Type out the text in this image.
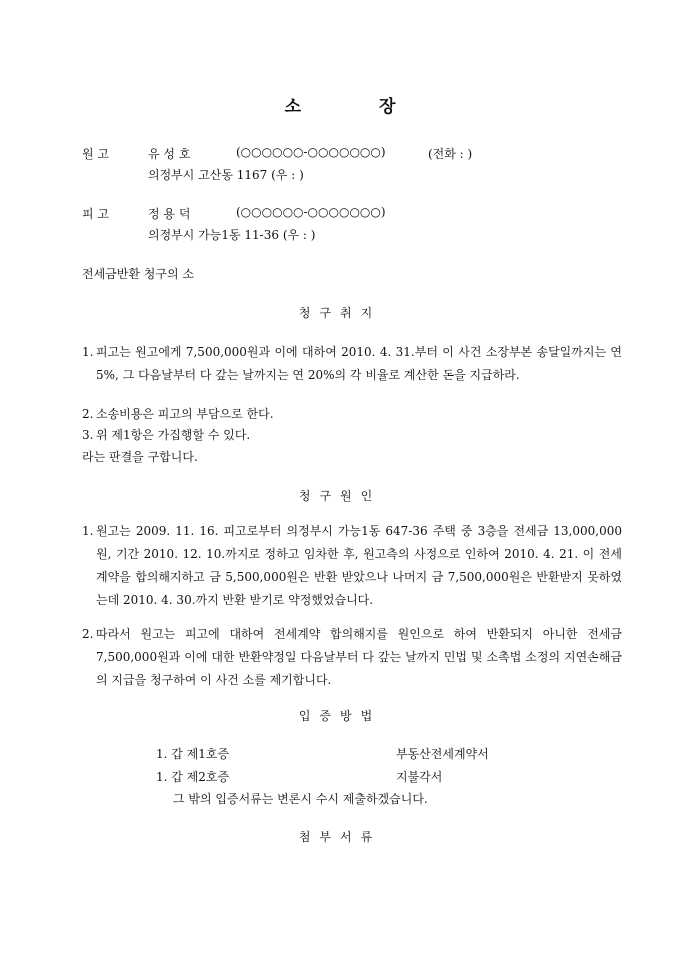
소	장
원 고	유 성 호	(○○○○○○-○○○○○○○)	(전화 : )
의정부시 고산동 1167 (우 : )
피 고	정 용 덕	(○○○○○○-○○○○○○○)
의정부시 가능1동 11-36 (우 : )
전세금반환 청구의 소
청구취지
1. 피고는 원고에게 7,500,000원과 이에 대하여 2010. 4. 31.부터 이 사건 소장부본 송달일까지는 연 5%, 그 다음날부터 다 갚는 날까지는 연 20%의 각 비율로 계산한 돈을 지급하라.
2. 소송비용은 피고의 부담으로 한다.
3. 위 제1항은 가집행할 수 있다.
라는 판결을 구합니다.
청구원인
1. 원고는 2009. 11. 16. 피고로부터 의정부시 가능1동 647-36 주택 중 3층을 전세금 13,000,000원, 기간 2010. 12. 10.까지로 정하고 임차한 후, 원고측의 사정으로 인하여 2010. 4. 21. 이 전세계약을 합의해지하고 금 5,500,000원은 반환 받았으나 나머지 금 7,500,000원은 반환받지 못하였는데 2010. 4. 30.까지 반환 받기로 약정했었습니다.
2. 따라서 원고는 피고에 대하여 전세계약 합의해지를 원인으로 하여 반환되지 아니한 전세금 7,500,000원과 이에 대한 반환약정일 다음날부터 다 갚는 날까지 민법 및 소촉법 소정의 지연손해금의 지급을 청구하여 이 사건 소를 제기합니다.
입증방법
1. 갑 제1호증	부동산전세계약서
1. 갑 제2호증	지불각서
그 밖의 입증서류는 변론시 수시 제출하겠습니다.
첨부서류
